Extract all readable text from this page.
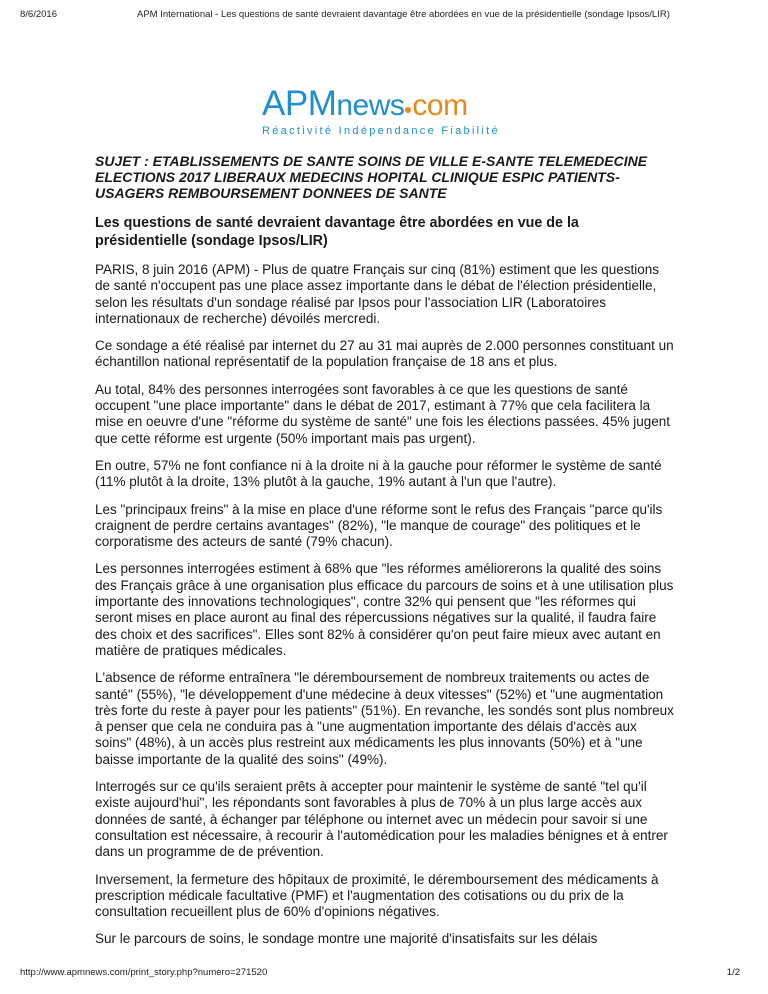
8/6/2016	APM International - Les questions de santé devraient davantage être abordées en vue de la présidentielle (sondage Ipsos/LIR)
APMnews com
Réactivité Indépendance Fiabilité

SUJET : ETABLISSEMENTS DE SANTE SOINS DE VILLE E-SANTE TELEMEDECINE ELECTIONS 2017 LIBERAUX MEDECINS HOPITAL CLINIQUE ESPIC PATIENTS-USAGERS REMBOURSEMENT DONNEES DE SANTE

Les questions de santé devraient davantage être abordées en vue de la présidentielle (sondage Ipsos/LIR)

PARIS, 8 juin 2016 (APM) - Plus de quatre Français sur cinq (81%) estiment que les questions de santé n'occupent pas une place assez importante dans le débat de l'élection présidentielle, selon les résultats d'un sondage réalisé par Ipsos pour l'association LIR (Laboratoires internationaux de recherche) dévoilés mercredi.

Ce sondage a été réalisé par internet du 27 au 31 mai auprès de 2.000 personnes constituant un échantillon national représentatif de la population française de 18 ans et plus.

Au total, 84% des personnes interrogées sont favorables à ce que les questions de santé occupent "une place importante" dans le débat de 2017, estimant à 77% que cela facilitera la mise en oeuvre d'une "réforme du système de santé" une fois les élections passées. 45% jugent que cette réforme est urgente (50% important mais pas urgent).

En outre, 57% ne font confiance ni à la droite ni à la gauche pour réformer le système de santé (11% plutôt à la droite, 13% plutôt à la gauche, 19% autant à l'un que l'autre).

Les "principaux freins" à la mise en place d'une réforme sont le refus des Français "parce qu'ils craignent de perdre certains avantages" (82%), "le manque de courage" des politiques et le corporatisme des acteurs de santé (79% chacun).

Les personnes interrogées estiment à 68% que "les réformes améliorerons la qualité des soins des Français grâce à une organisation plus efficace du parcours de soins et à une utilisation plus importante des innovations technologiques", contre 32% qui pensent que "les réformes qui seront mises en place auront au final des répercussions négatives sur la qualité, il faudra faire des choix et des sacrifices". Elles sont 82% à considérer qu'on peut faire mieux avec autant en matière de pratiques médicales.

L'absence de réforme entraînera "le déremboursement de nombreux traitements ou actes de santé" (55%), "le développement d'une médecine à deux vitesses" (52%) et "une augmentation très forte du reste à payer pour les patients" (51%). En revanche, les sondés sont plus nombreux à penser que cela ne conduira pas à "une augmentation importante des délais d'accès aux soins" (48%), à un accès plus restreint aux médicaments les plus innovants (50%) et à "une baisse importante de la qualité des soins" (49%).

Interrogés sur ce qu'ils seraient prêts à accepter pour maintenir le système de santé "tel qu'il existe aujourd'hui", les répondants sont favorables à plus de 70% à un plus large accès aux données de santé, à échanger par téléphone ou internet avec un médecin pour savoir si une consultation est nécessaire, à recourir à l'automédication pour les maladies bénignes et à entrer dans un programme de de prévention.

Inversement, la fermeture des hôpitaux de proximité, le déremboursement des médicaments à prescription médicale facultative (PMF) et l'augmentation des cotisations ou du prix de la consultation recueillent plus de 60% d'opinions négatives.

Sur le parcours de soins, le sondage montre une majorité d'insatisfaits sur les délais

http://www.apmnews.com/print_story.php?numero=271520	1/2
